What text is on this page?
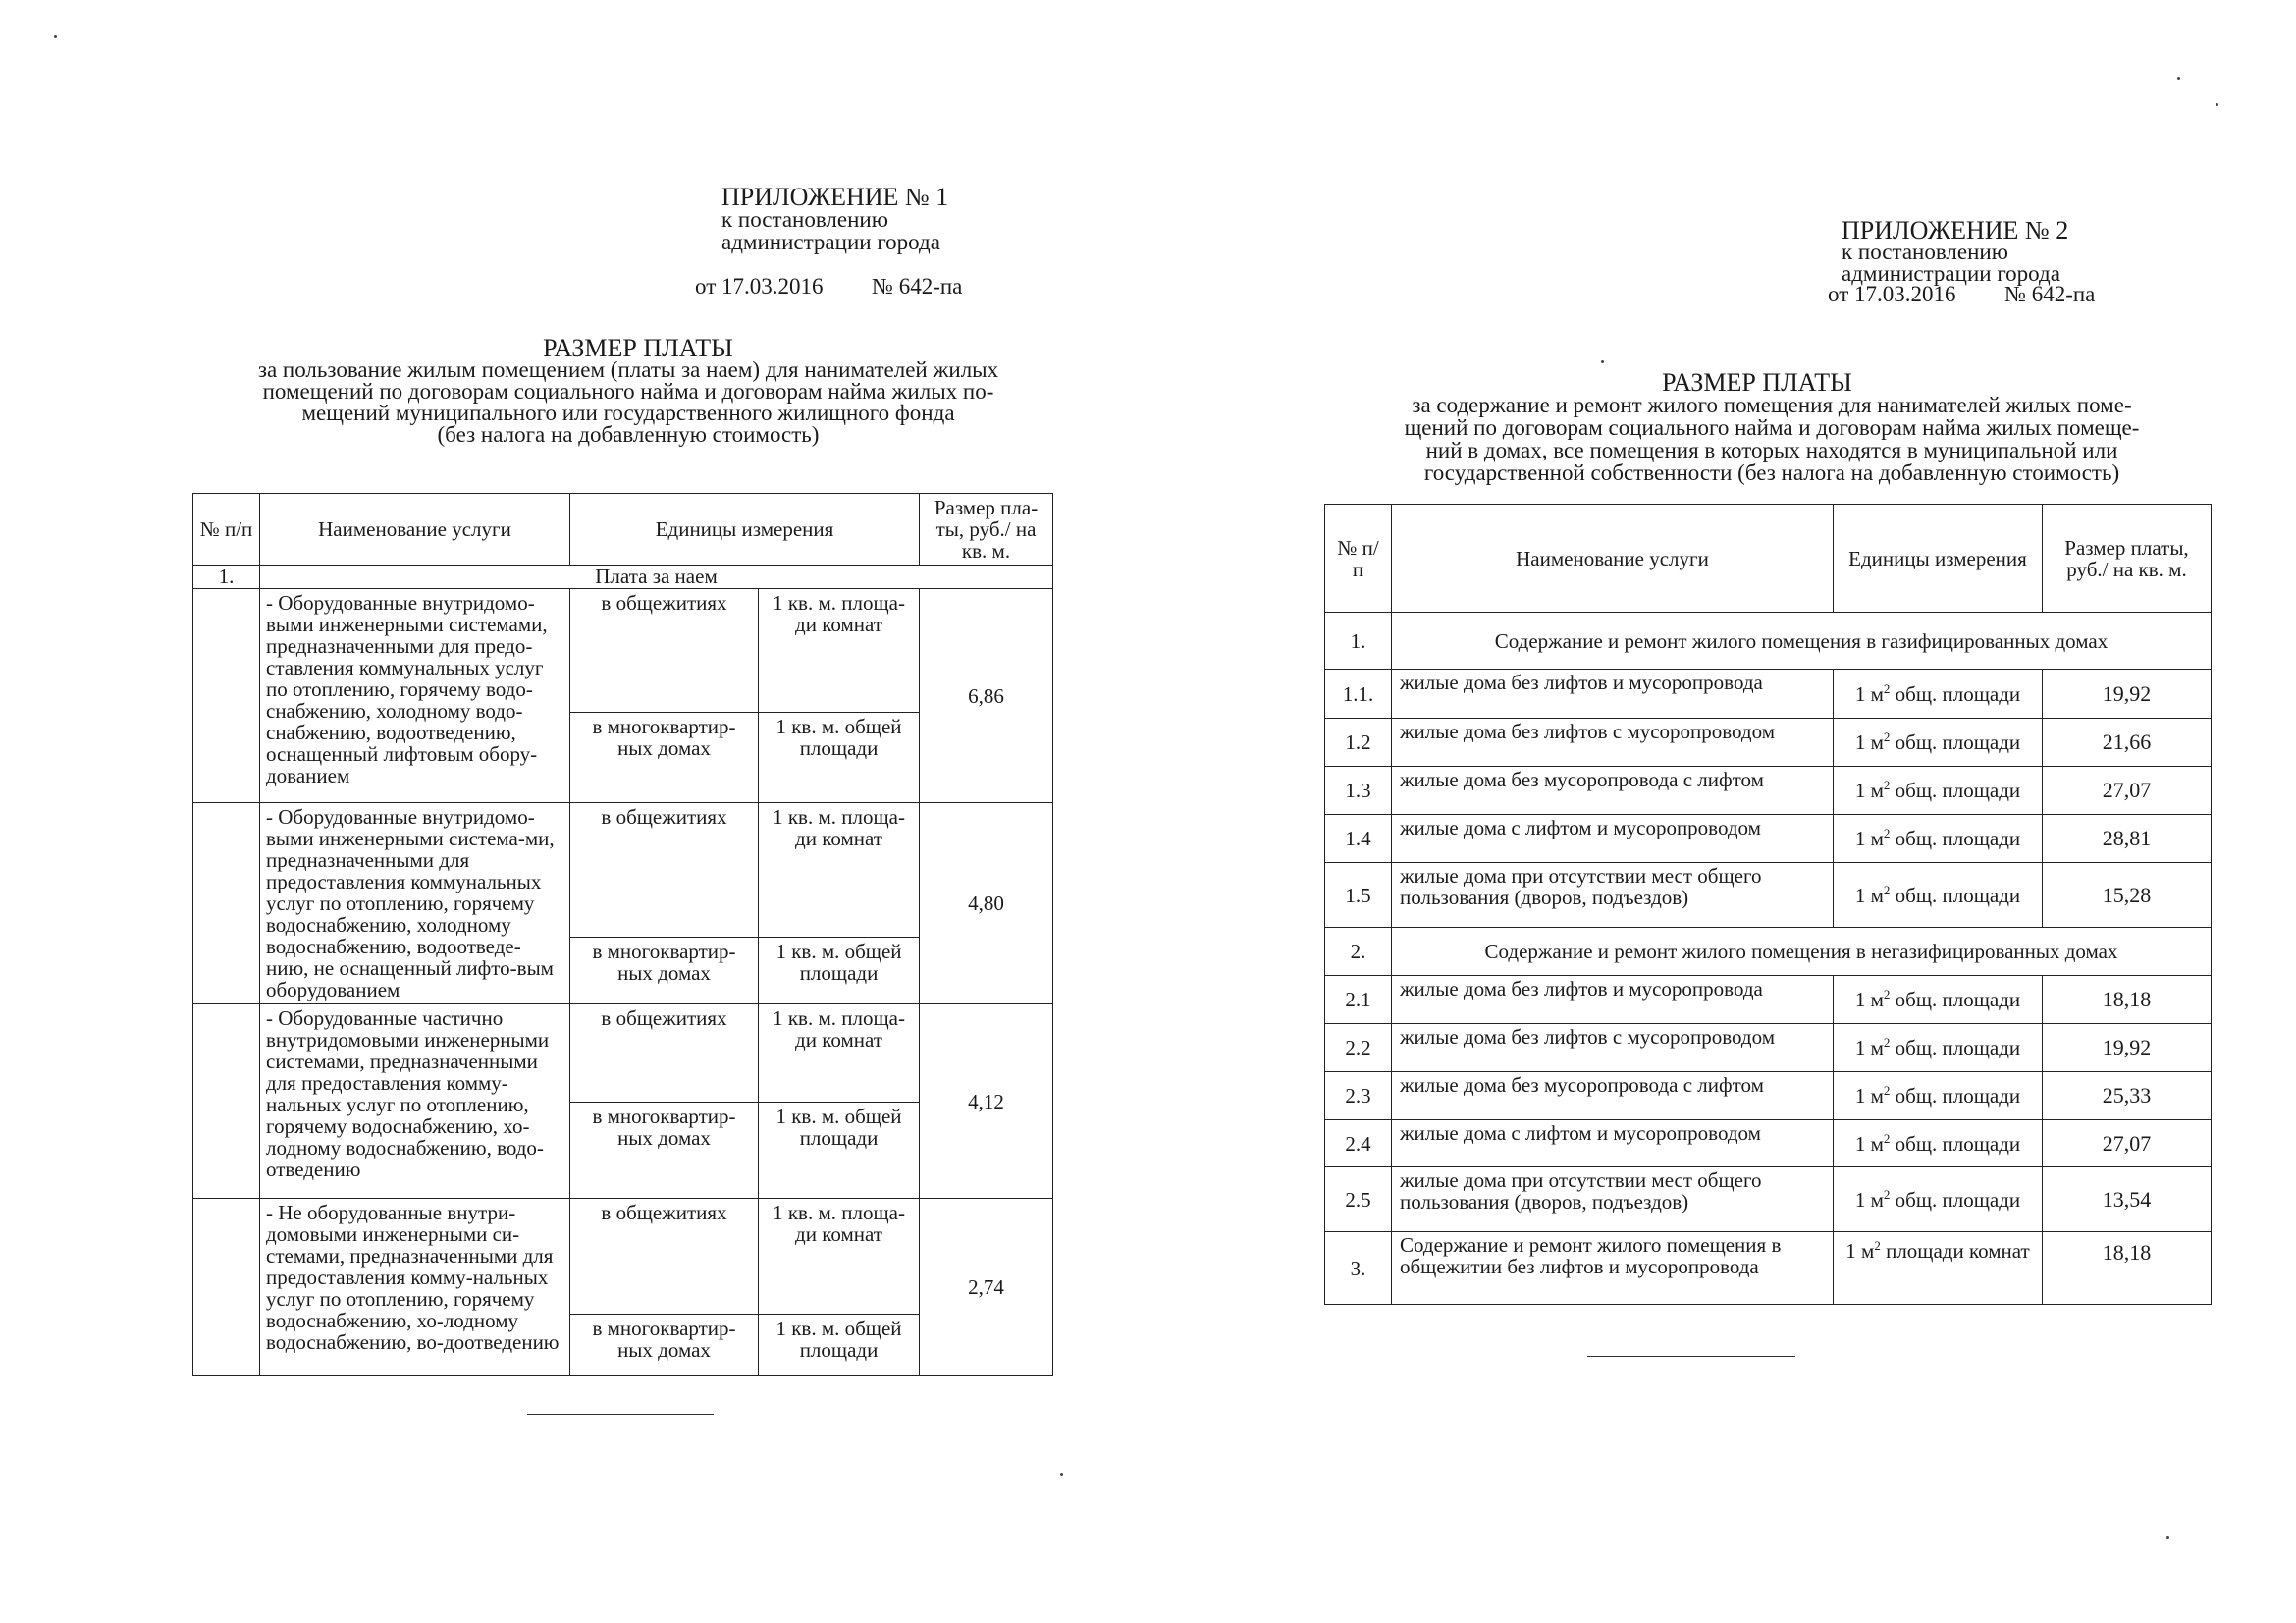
ПРИЛОЖЕНИЕ № 1
к постановлению
администрации города
от 17.03.2016 № 642-па
РАЗМЕР ПЛАТЫ
за пользование жилым помещением (платы за наем) для нанимателей жилых
помещений по договорам социального найма и договорам найма жилых по-
мещений муниципального или государственного жилищного фонда
(без налога на добавленную стоимость)
№ п/п	Наименование услуги	Единицы измерения		Размер пла-ты, руб./ на кв. м.
1.	Плата за наем			
	- Оборудованные внутридомо-выми инженерными системами, предназначенными для предо-ставления коммунальных услуг по отоплению, горячему водо-снабжению, холодному водо-снабжению, водоотведению, оснащенный лифтовым обору-дованием	в общежитиях	1 кв. м. площа-ди комнат	6,86
		в многоквартир-ных домах	1 кв. м. общей площади	
	- Оборудованные внутридомо-выми инженерными система-ми, предназначенными для предоставления коммунальных услуг по отоплению, горячему водоснабжению, холодному водоснабжению, водоотведе-нию, не оснащенный лифто-вым оборудованием	в общежитиях	1 кв. м. площа-ди комнат	4,80
		в многоквартир-ных домах	1 кв. м. общей площади	
	- Оборудованные частично внутридомовыми инженерными системами, предназначенными для предоставления комму-нальных услуг по отоплению, горячему водоснабжению, хо-лодному водоснабжению, водо-отведению	в общежитиях	1 кв. м. площа-ди комнат	4,12
		в многоквартир-ных домах	1 кв. м. общей площади	
	- Не оборудованные внутри-домовыми инженерными си-стемами, предназначенными для предоставления комму-нальных услуг по отоплению, горячему водоснабжению, хо-лодному водоснабжению, во-доотведению	в общежитиях	1 кв. м. площа-ди комнат	2,74
		в многоквартир-ных домах	1 кв. м. общей площади	
ПРИЛОЖЕНИЕ № 2
к постановлению
администрации города
от 17.03.2016 № 642-па
РАЗМЕР ПЛАТЫ
за содержание и ремонт жилого помещения для нанимателей жилых поме-
щений по договорам социального найма и договорам найма жилых помеще-
ний в домах, все помещения в которых находятся в муниципальной или
государственной собственности (без налога на добавленную стоимость)
№ п/п	Наименование услуги	Единицы измерения	Размер платы, руб./ на кв. м.
1.	Содержание и ремонт жилого помещения в газифицированных домах		
1.1.	жилые дома без лифтов и мусоропровода	1 $м^2$ общ. площади	19,92
1.2	жилые дома без лифтов с мусоропроводом	1 $м^2$ общ. площади	21,66
1.3	жилые дома без мусоропровода с лифтом	1 $м^2$ общ. площади	27,07
1.4	жилые дома с лифтом и мусоропроводом	1 $м^2$ общ. площади	28,81
1.5	жилые дома при отсутствии мест общего пользования (дворов, подъездов)	1 $м^2$ общ. площади	15,28
2.	Содержание и ремонт жилого помещения в негазифицированных домах		
2.1	жилые дома без лифтов и мусоропровода	1 $м^2$ общ. площади	18,18
2.2	жилые дома без лифтов с мусоропроводом	1 $м^2$ общ. площади	19,92
2.3	жилые дома без мусоропровода с лифтом	1 $м^2$ общ. площади	25,33
2.4	жилые дома с лифтом и мусоропроводом	1 $м^2$ общ. площади	27,07
2.5	жилые дома при отсутствии мест общего пользования (дворов, подъездов)	1 $м^2$ общ. площади	13,54
3.	Содержание и ремонт жилого помещения в общежитии без лифтов и мусоропровода	1 $м^2$ площади комнат	18,18
